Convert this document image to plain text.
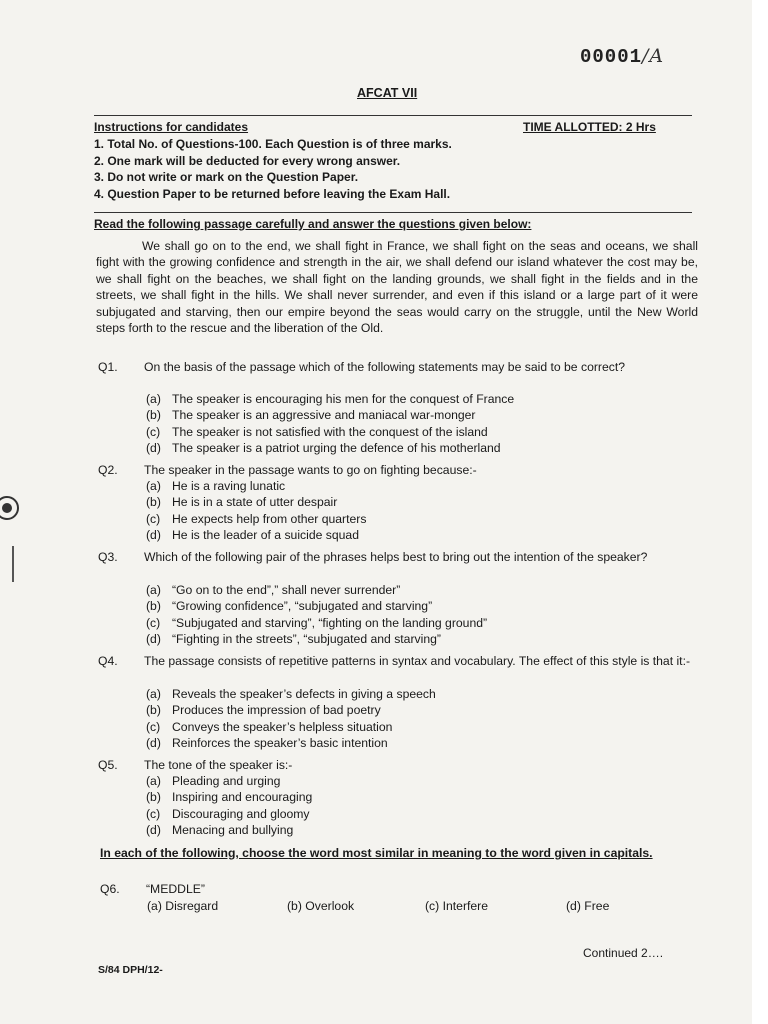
00001/A
AFCAT VII
Instructions for candidates	TIME ALLOTTED: 2 Hrs
1. Total No. of Questions-100. Each Question is of three marks.
2. One mark will be deducted for every wrong answer.
3. Do not write or mark on the Question Paper.
4. Question Paper to be returned before leaving the Exam Hall.
Read the following passage carefully and answer the questions given below:

We shall go on to the end, we shall fight in France, we shall fight on the seas and oceans, we shall fight with the growing confidence and strength in the air, we shall defend our island whatever the cost may be, we shall fight on the beaches, we shall fight on the landing grounds, we shall fight in the fields and in the streets, we shall fight in the hills. We shall never surrender, and even if this island or a large part of it were subjugated and starving, then our empire beyond the seas would carry on the struggle, until the New World steps forth to the rescue and the liberation of the Old.

Q1. On the basis of the passage which of the following statements may be said to be correct?
(a) The speaker is encouraging his men for the conquest of France
(b) The speaker is an aggressive and maniacal war-monger
(c) The speaker is not satisfied with the conquest of the island
(d) The speaker is a patriot urging the defence of his motherland
Q2. The speaker in the passage wants to go on fighting because:-
(a) He is a raving lunatic
(b) He is in a state of utter despair
(c) He expects help from other quarters
(d) He is the leader of a suicide squad
Q3. Which of the following pair of the phrases helps best to bring out the intention of the speaker?
(a) “Go on to the end”,” shall never surrender”
(b) “Growing confidence”, “subjugated and starving”
(c) “Subjugated and starving”, “fighting on the landing ground”
(d) “Fighting in the streets”, “subjugated and starving”
Q4. The passage consists of repetitive patterns in syntax and vocabulary. The effect of this style is that it:-
(a) Reveals the speaker’s defects in giving a speech
(b) Produces the impression of bad poetry
(c) Conveys the speaker’s helpless situation
(d) Reinforces the speaker’s basic intention
Q5. The tone of the speaker is:-
(a) Pleading and urging
(b) Inspiring and encouraging
(c) Discouraging and gloomy
(d) Menacing and bullying
In each of the following, choose the word most similar in meaning to the word given in capitals.
Q6. “MEDDLE”
(a) Disregard	(b) Overlook	(c) Interfere	(d) Free
Continued 2….
S/84 DPH/12-
